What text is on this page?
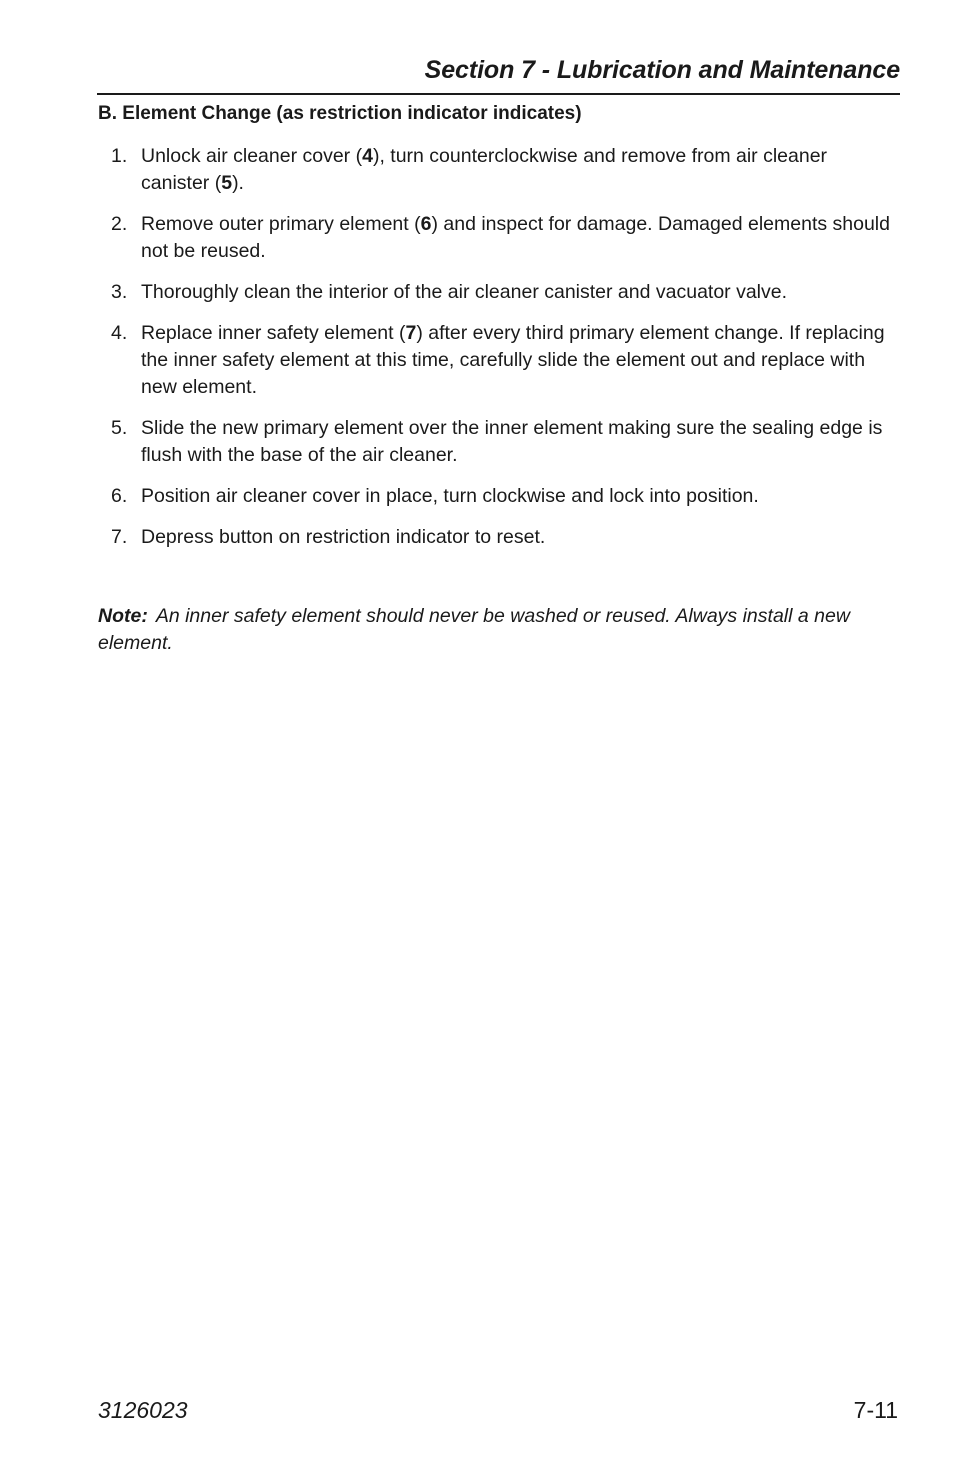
Section 7 - Lubrication and Maintenance
B. Element Change (as restriction indicator indicates)
1. Unlock air cleaner cover (4), turn counterclockwise and remove from air cleaner canister (5).
2. Remove outer primary element (6) and inspect for damage. Damaged elements should not be reused.
3. Thoroughly clean the interior of the air cleaner canister and vacuator valve.
4. Replace inner safety element (7) after every third primary element change. If replacing the inner safety element at this time, carefully slide the element out and replace with new element.
5. Slide the new primary element over the inner element making sure the sealing edge is flush with the base of the air cleaner.
6. Position air cleaner cover in place, turn clockwise and lock into position.
7. Depress button on restriction indicator to reset.
Note: An inner safety element should never be washed or reused. Always install a new element.
3126023	7-11
